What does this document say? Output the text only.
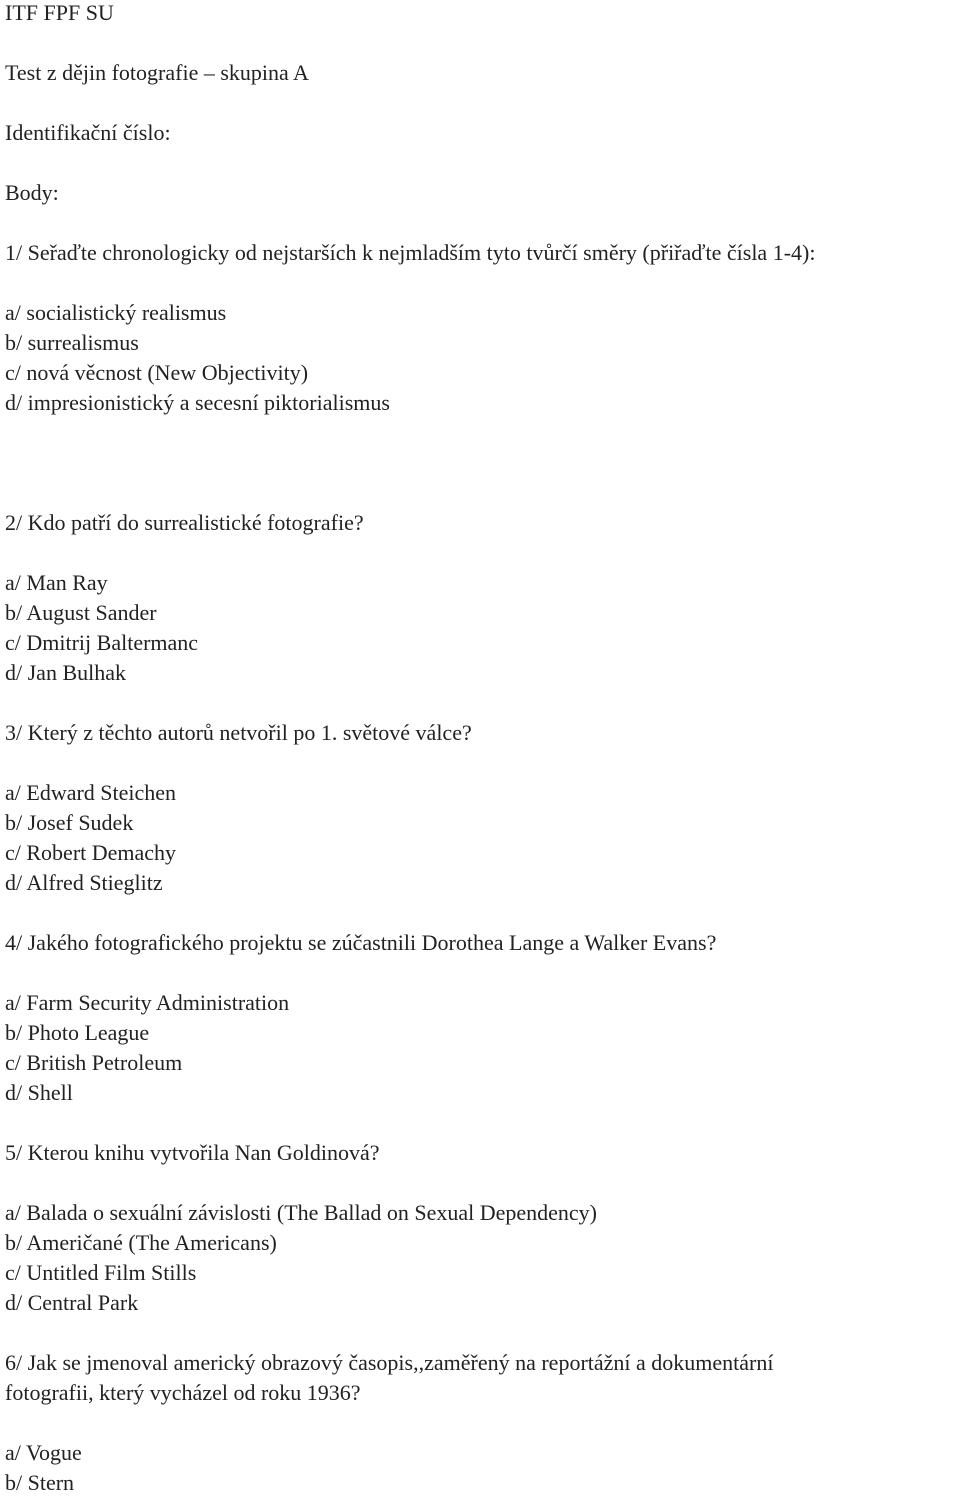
ITF FPF SU
Test z dějin fotografie – skupina A
Identifikační číslo:
Body:
1/ Seřaďte chronologicky od nejstarších k nejmladším tyto tvůrčí směry (přiřaďte čísla 1-4):
a/ socialistický realismus
b/ surrealismus
c/ nová věcnost (New Objectivity)
d/ impresionistický a secesní piktorialismus
2/ Kdo patří do surrealistické fotografie?
a/ Man Ray
b/ August Sander
c/ Dmitrij Baltermanc
d/ Jan Bulhak
3/ Který z těchto autorů netvořil po 1. světové válce?
a/ Edward Steichen
b/ Josef Sudek
c/ Robert Demachy
d/ Alfred Stieglitz
4/ Jakého fotografického projektu se zúčastnili Dorothea Lange a Walker Evans?
a/ Farm Security Administration
b/ Photo League
c/ British Petroleum
d/ Shell
5/ Kterou knihu vytvořila Nan Goldinová?
a/ Balada o sexuální závislosti (The Ballad on Sexual Dependency)
b/ Američané (The Americans)
c/ Untitled Film Stills
d/ Central Park
6/ Jak se jmenoval americký obrazový časopis,,zaměřený na reportážní a dokumentární
fotografii, který vycházel od roku 1936?
a/ Vogue
b/ Stern
